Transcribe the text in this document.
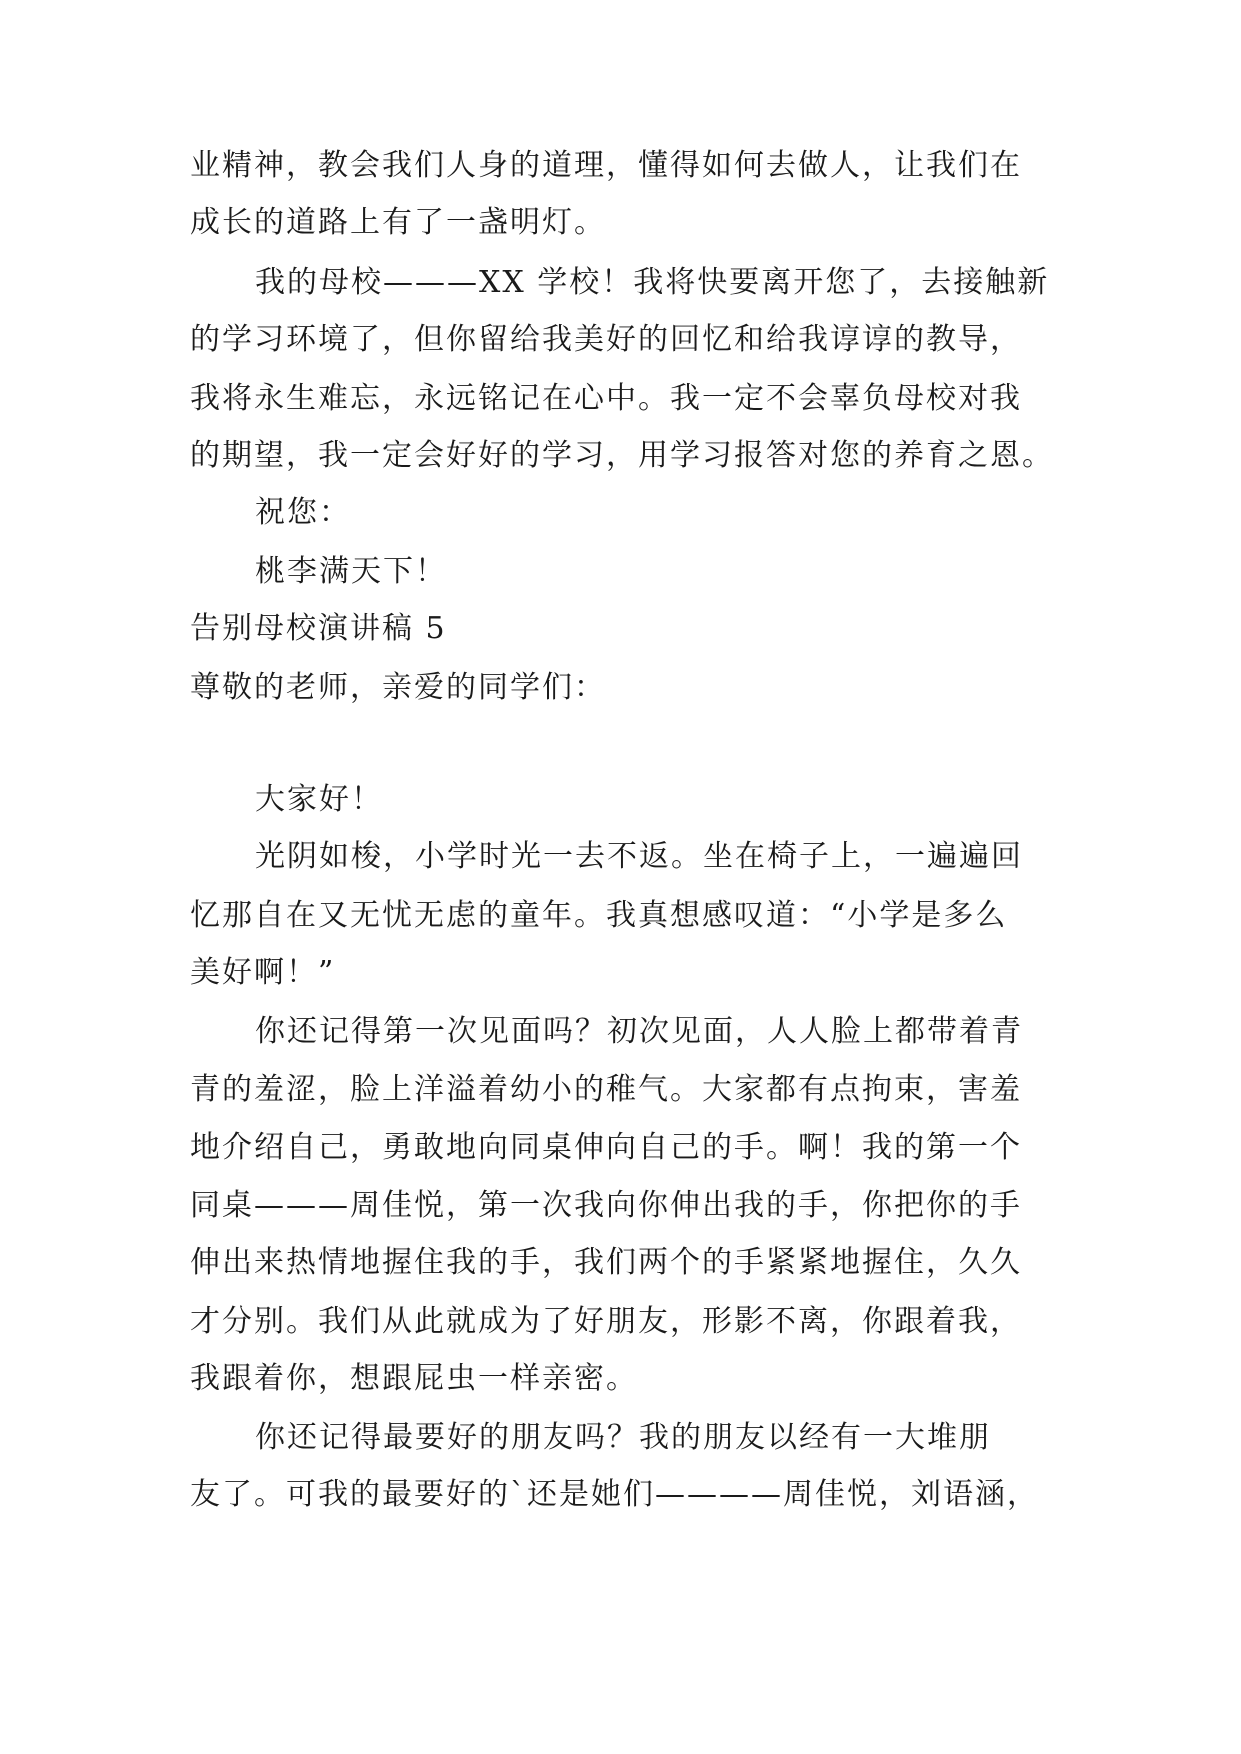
业精神，教会我们人身的道理，懂得如何去做人，让我们在
成长的道路上有了一盏明灯。
我的母校———XX 学校！我将快要离开您了，去接触新
的学习环境了，但你留给我美好的回忆和给我谆谆的教导，
我将永生难忘，永远铭记在心中。我一定不会辜负母校对我
的期望，我一定会好好的学习，用学习报答对您的养育之恩。
祝您：
桃李满天下！
告别母校演讲稿 5
尊敬的老师，亲爱的同学们：
大家好！
光阴如梭，小学时光一去不返。坐在椅子上，一遍遍回
忆那自在又无忧无虑的童年。我真想感叹道：“小学是多么
美好啊！”
你还记得第一次见面吗？初次见面，人人脸上都带着青
青的羞涩，脸上洋溢着幼小的稚气。大家都有点拘束，害羞
地介绍自己，勇敢地向同桌伸向自己的手。啊！我的第一个
同桌———周佳悦，第一次我向你伸出我的手，你把你的手
伸出来热情地握住我的手，我们两个的手紧紧地握住，久久
才分别。我们从此就成为了好朋友，形影不离，你跟着我，
我跟着你，想跟屁虫一样亲密。
你还记得最要好的朋友吗？我的朋友以经有一大堆朋
友了。可我的最要好的`还是她们————周佳悦，刘语涵，
